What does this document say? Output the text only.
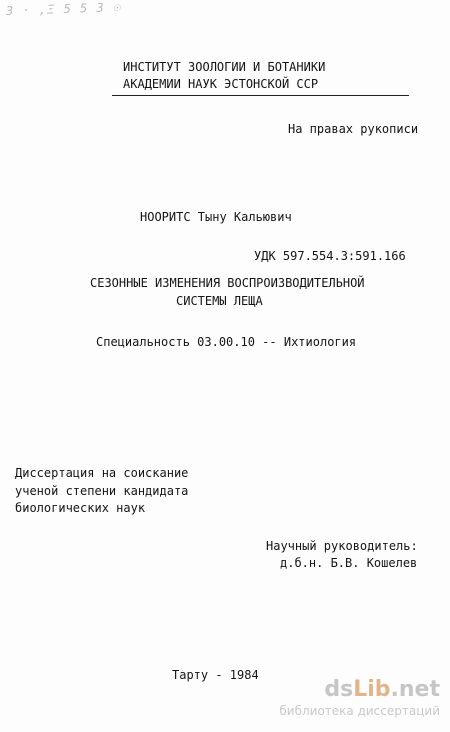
3 · ,Ξ 5 5 3 ☉
ИНСТИТУТ ЗООЛОГИИ И БОТАНИКИ
АКАДЕМИИ НАУК ЭСТОНСКОЙ ССР
На правах рукописи
НООРИТС Тыну Кальювич
УДК 597.554.3:591.166
СЕЗОННЫЕ ИЗМЕНЕНИЯ ВОСПРОИЗВОДИТЕЛЬНОЙ
СИСТЕМЫ ЛЕЩА
Специальность 03.00.10 -- Ихтиология
Диссертация на соискание
ученой степени кандидата
биологических наук
Научный руководитель:
д.б.н. Б.В. Кошелев
Тарту - 1984
dsLib.net
библиотека диссертаций
